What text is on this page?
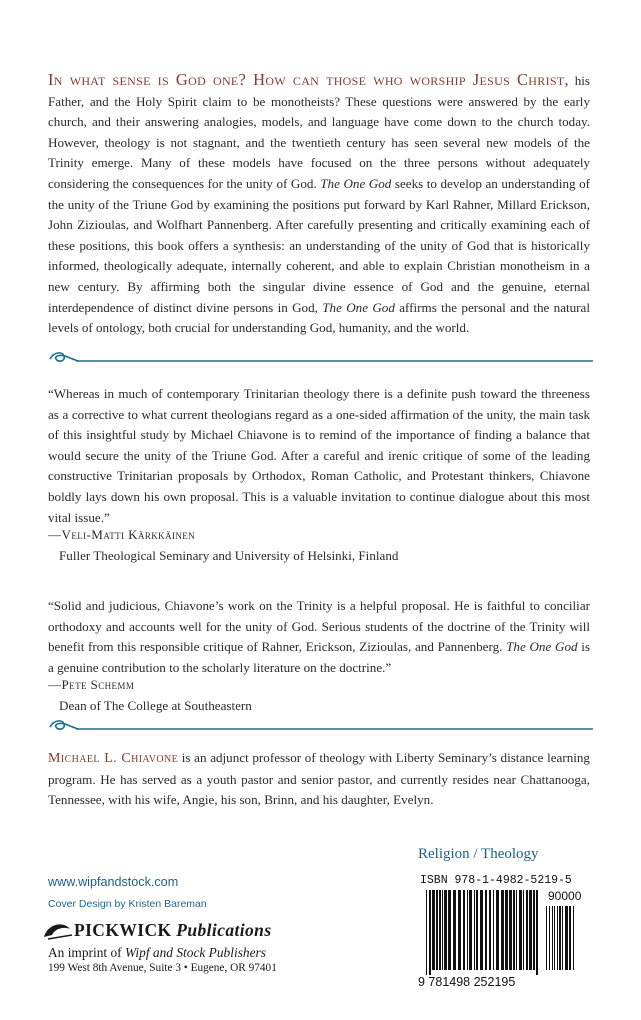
In what sense is God one? How can those who worship Jesus Christ, his Father, and the Holy Spirit claim to be monotheists? These questions were answered by the early church, and their answering analogies, models, and language have come down to the church today. However, theology is not stagnant, and the twentieth century has seen several new models of the Trinity emerge. Many of these models have focused on the three persons without adequately considering the consequences for the unity of God. The One God seeks to develop an understanding of the unity of the Triune God by examining the positions put forward by Karl Rahner, Millard Erickson, John Zizioulas, and Wolfhart Pannenberg. After carefully presenting and critically examining each of these positions, this book offers a synthesis: an understanding of the unity of God that is historically informed, theologically adequate, internally coherent, and able to explain Christian monotheism in a new century. By affirming both the singular divine essence of God and the genuine, eternal interdependence of distinct divine persons in God, The One God affirms the personal and the natural levels of ontology, both crucial for understanding God, humanity, and the world.
“Whereas in much of contemporary Trinitarian theology there is a definite push toward the threeness as a corrective to what current theologians regard as a one-sided affirmation of the unity, the main task of this insightful study by Michael Chiavone is to remind of the importance of finding a balance that would secure the unity of the Triune God. After a careful and irenic critique of some of the leading constructive Trinitarian proposals by Orthodox, Roman Catholic, and Protestant thinkers, Chiavone boldly lays down his own proposal. This is a valuable invitation to continue dialogue about this most vital issue.”
—Veli-Matti Kärkkäinen
Fuller Theological Seminary and University of Helsinki, Finland
“Solid and judicious, Chiavone’s work on the Trinity is a helpful proposal. He is faithful to conciliar orthodoxy and accounts well for the unity of God. Serious students of the doctrine of the Trinity will benefit from this responsible critique of Rahner, Erickson, Zizioulas, and Pannenberg. The One God is a genuine contribution to the scholarly literature on the doctrine.”
—Pete Schemm
Dean of The College at Southeastern
Michael L. Chiavone is an adjunct professor of theology with Liberty Seminary’s distance learning program. He has served as a youth pastor and senior pastor, and currently resides near Chattanooga, Tennessee, with his wife, Angie, his son, Brinn, and his daughter, Evelyn.
Religion / Theology
ISBN 978-1-4982-5219-5
90000
9 781498 252195
www.wipfandstock.com
Cover Design by Kristen Bareman
PICKWICK Publications
An imprint of Wipf and Stock Publishers
199 West 8th Avenue, Suite 3 • Eugene, OR 97401
